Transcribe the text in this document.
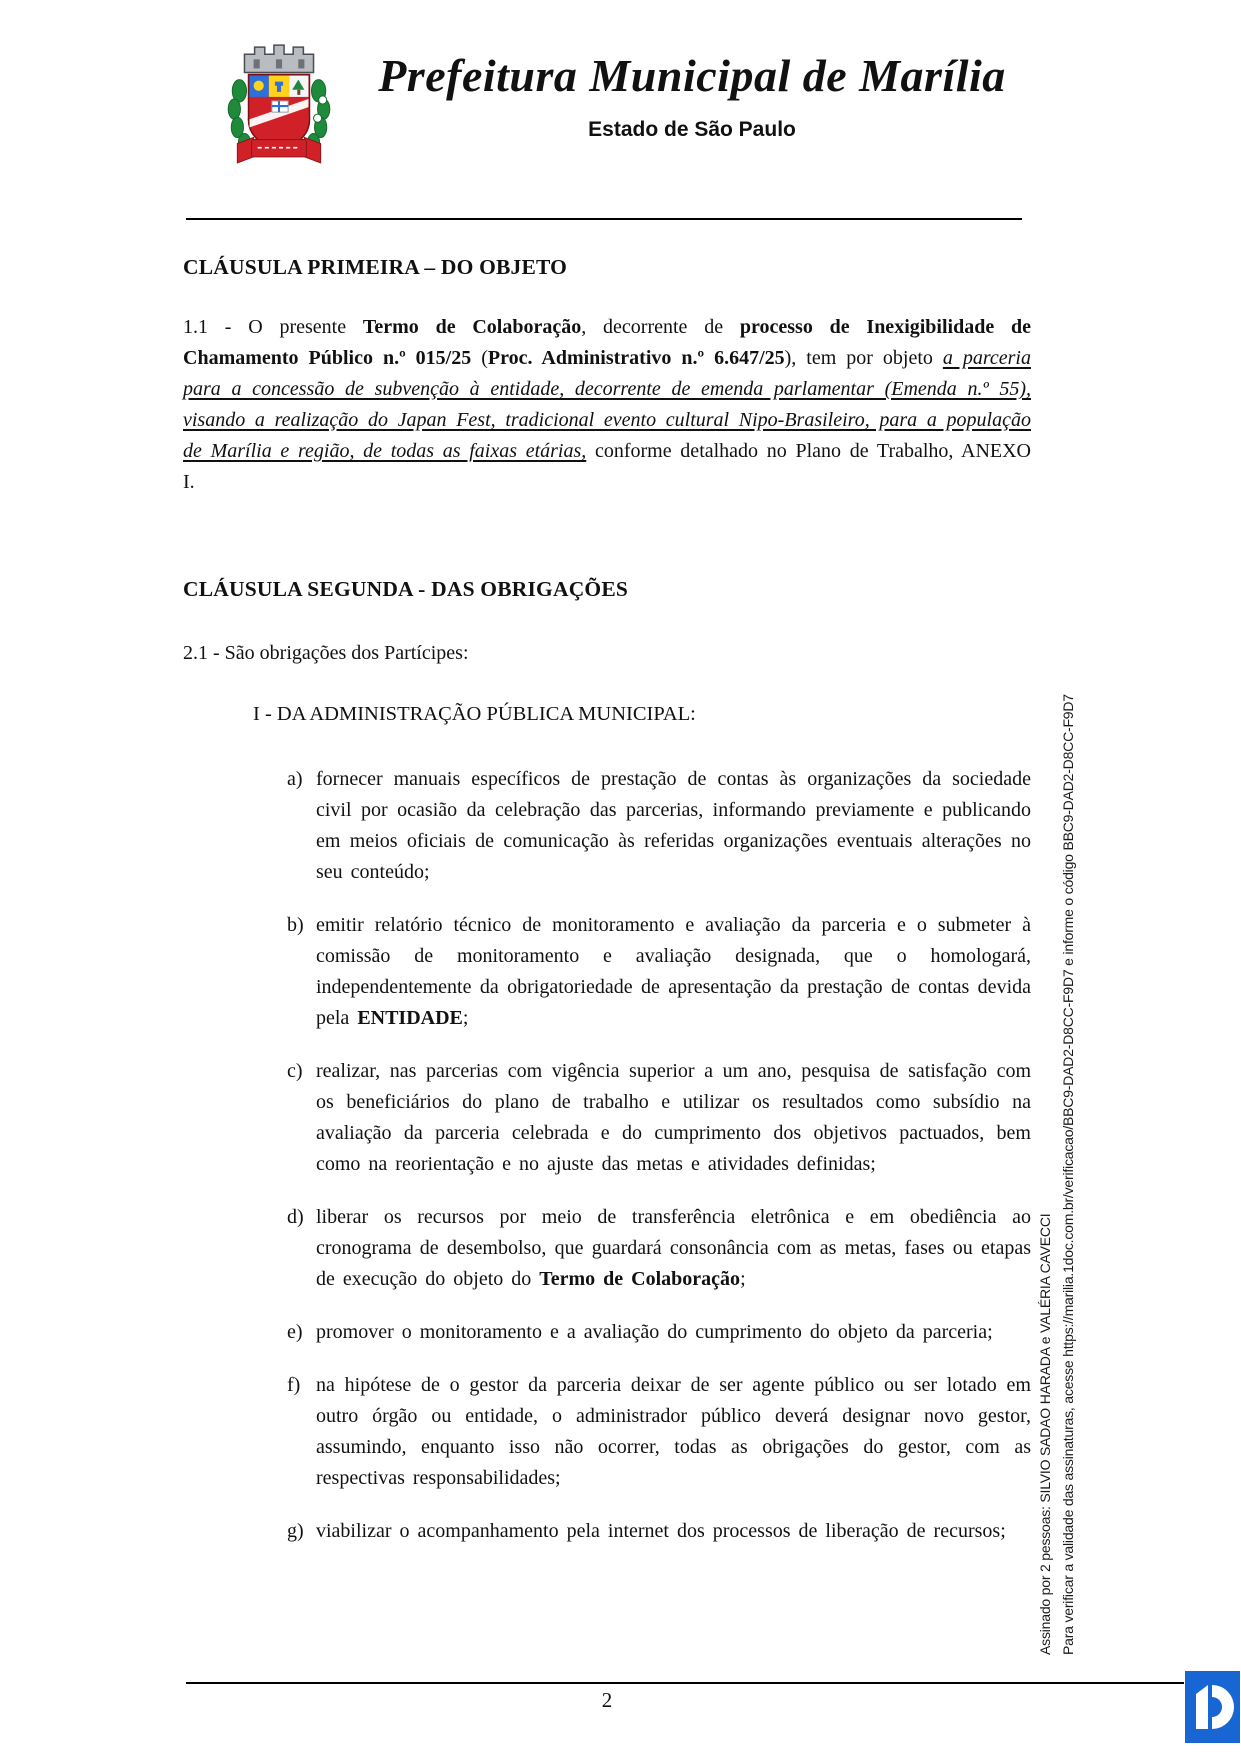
Prefeitura Municipal de Marília
Estado de São Paulo
CLÁUSULA PRIMEIRA – DO OBJETO

1.1 - O presente Termo de Colaboração, decorrente de processo de Inexigibilidade de Chamamento Público n.º 015/25 (Proc. Administrativo n.º 6.647/25), tem por objeto a parceria para a concessão de subvenção à entidade, decorrente de emenda parlamentar (Emenda n.º 55), visando a realização do Japan Fest, tradicional evento cultural Nipo-Brasileiro, para a população de Marília e região, de todas as faixas etárias, conforme detalhado no Plano de Trabalho, ANEXO I.

CLÁUSULA SEGUNDA - DAS OBRIGAÇÕES
2.1 - São obrigações dos Partícipes:
I - DA ADMINISTRAÇÃO PÚBLICA MUNICIPAL:
a) fornecer manuais específicos de prestação de contas às organizações da sociedade civil por ocasião da celebração das parcerias, informando previamente e publicando em meios oficiais de comunicação às referidas organizações eventuais alterações no seu conteúdo;
b) emitir relatório técnico de monitoramento e avaliação da parceria e o submeter à comissão de monitoramento e avaliação designada, que o homologará, independentemente da obrigatoriedade de apresentação da prestação de contas devida pela ENTIDADE;
c) realizar, nas parcerias com vigência superior a um ano, pesquisa de satisfação com os beneficiários do plano de trabalho e utilizar os resultados como subsídio na avaliação da parceria celebrada e do cumprimento dos objetivos pactuados, bem como na reorientação e no ajuste das metas e atividades definidas;
d) liberar os recursos por meio de transferência eletrônica e em obediência ao cronograma de desembolso, que guardará consonância com as metas, fases ou etapas de execução do objeto do Termo de Colaboração;
e) promover o monitoramento e a avaliação do cumprimento do objeto da parceria;
f) na hipótese de o gestor da parceria deixar de ser agente público ou ser lotado em outro órgão ou entidade, o administrador público deverá designar novo gestor, assumindo, enquanto isso não ocorrer, todas as obrigações do gestor, com as respectivas responsabilidades;
g) viabilizar o acompanhamento pela internet dos processos de liberação de recursos;	Assinado por 2 pessoas: SILVIO SADAO HARADA e VALÉRIA CAVECCI Para verificar a validade das assinaturas, acesse https://marilia.1doc.com.br/verificacao/BBC9-DAD2-D8CC-F9D7 e informe o código BBC9-DAD2-D8CC-F9D7
2
